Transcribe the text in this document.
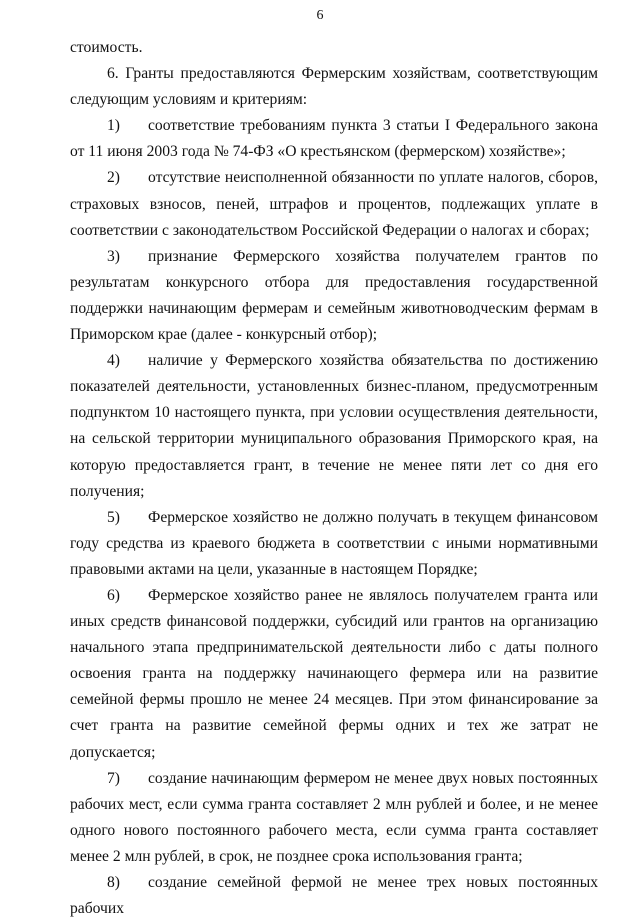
6

стоимость.

6. Гранты предоставляются Фермерским хозяйствам, соответствующим следующим условиям и критериям:

1) соответствие требованиям пункта 3 статьи I Федерального закона от 11 июня 2003 года № 74-ФЗ «О крестьянском (фермерском) хозяйстве»;

2) отсутствие неисполненной обязанности по уплате налогов, сборов, страховых взносов, пеней, штрафов и процентов, подлежащих уплате в соответствии с законодательством Российской Федерации о налогах и сборах;

3) признание Фермерского хозяйства получателем грантов по результатам конкурсного отбора для предоставления государственной поддержки начинающим фермерам и семейным животноводческим фермам в Приморском крае (далее - конкурсный отбор);

4) наличие у Фермерского хозяйства обязательства по достижению показателей деятельности, установленных бизнес-планом, предусмотренным подпунктом 10 настоящего пункта, при условии осуществления деятельности, на сельской территории муниципального образования Приморского края, на которую предоставляется грант, в течение не менее пяти лет со дня его получения;

5) Фермерское хозяйство не должно получать в текущем финансовом году средства из краевого бюджета в соответствии с иными нормативными правовыми актами на цели, указанные в настоящем Порядке;

6) Фермерское хозяйство ранее не являлось получателем гранта или иных средств финансовой поддержки, субсидий или грантов на организацию начального этапа предпринимательской деятельности либо с даты полного освоения гранта на поддержку начинающего фермера или на развитие семейной фермы прошло не менее 24 месяцев. При этом финансирование за счет гранта на развитие семейной фермы одних и тех же затрат не допускается;

7) создание начинающим фермером не менее двух новых постоянных рабочих мест, если сумма гранта составляет 2 млн рублей и более, и не менее одного нового постоянного рабочего места, если сумма гранта составляет менее 2 млн рублей, в срок, не позднее срока использования гранта;

8) создание семейной фермой не менее трех новых постоянных рабочих
